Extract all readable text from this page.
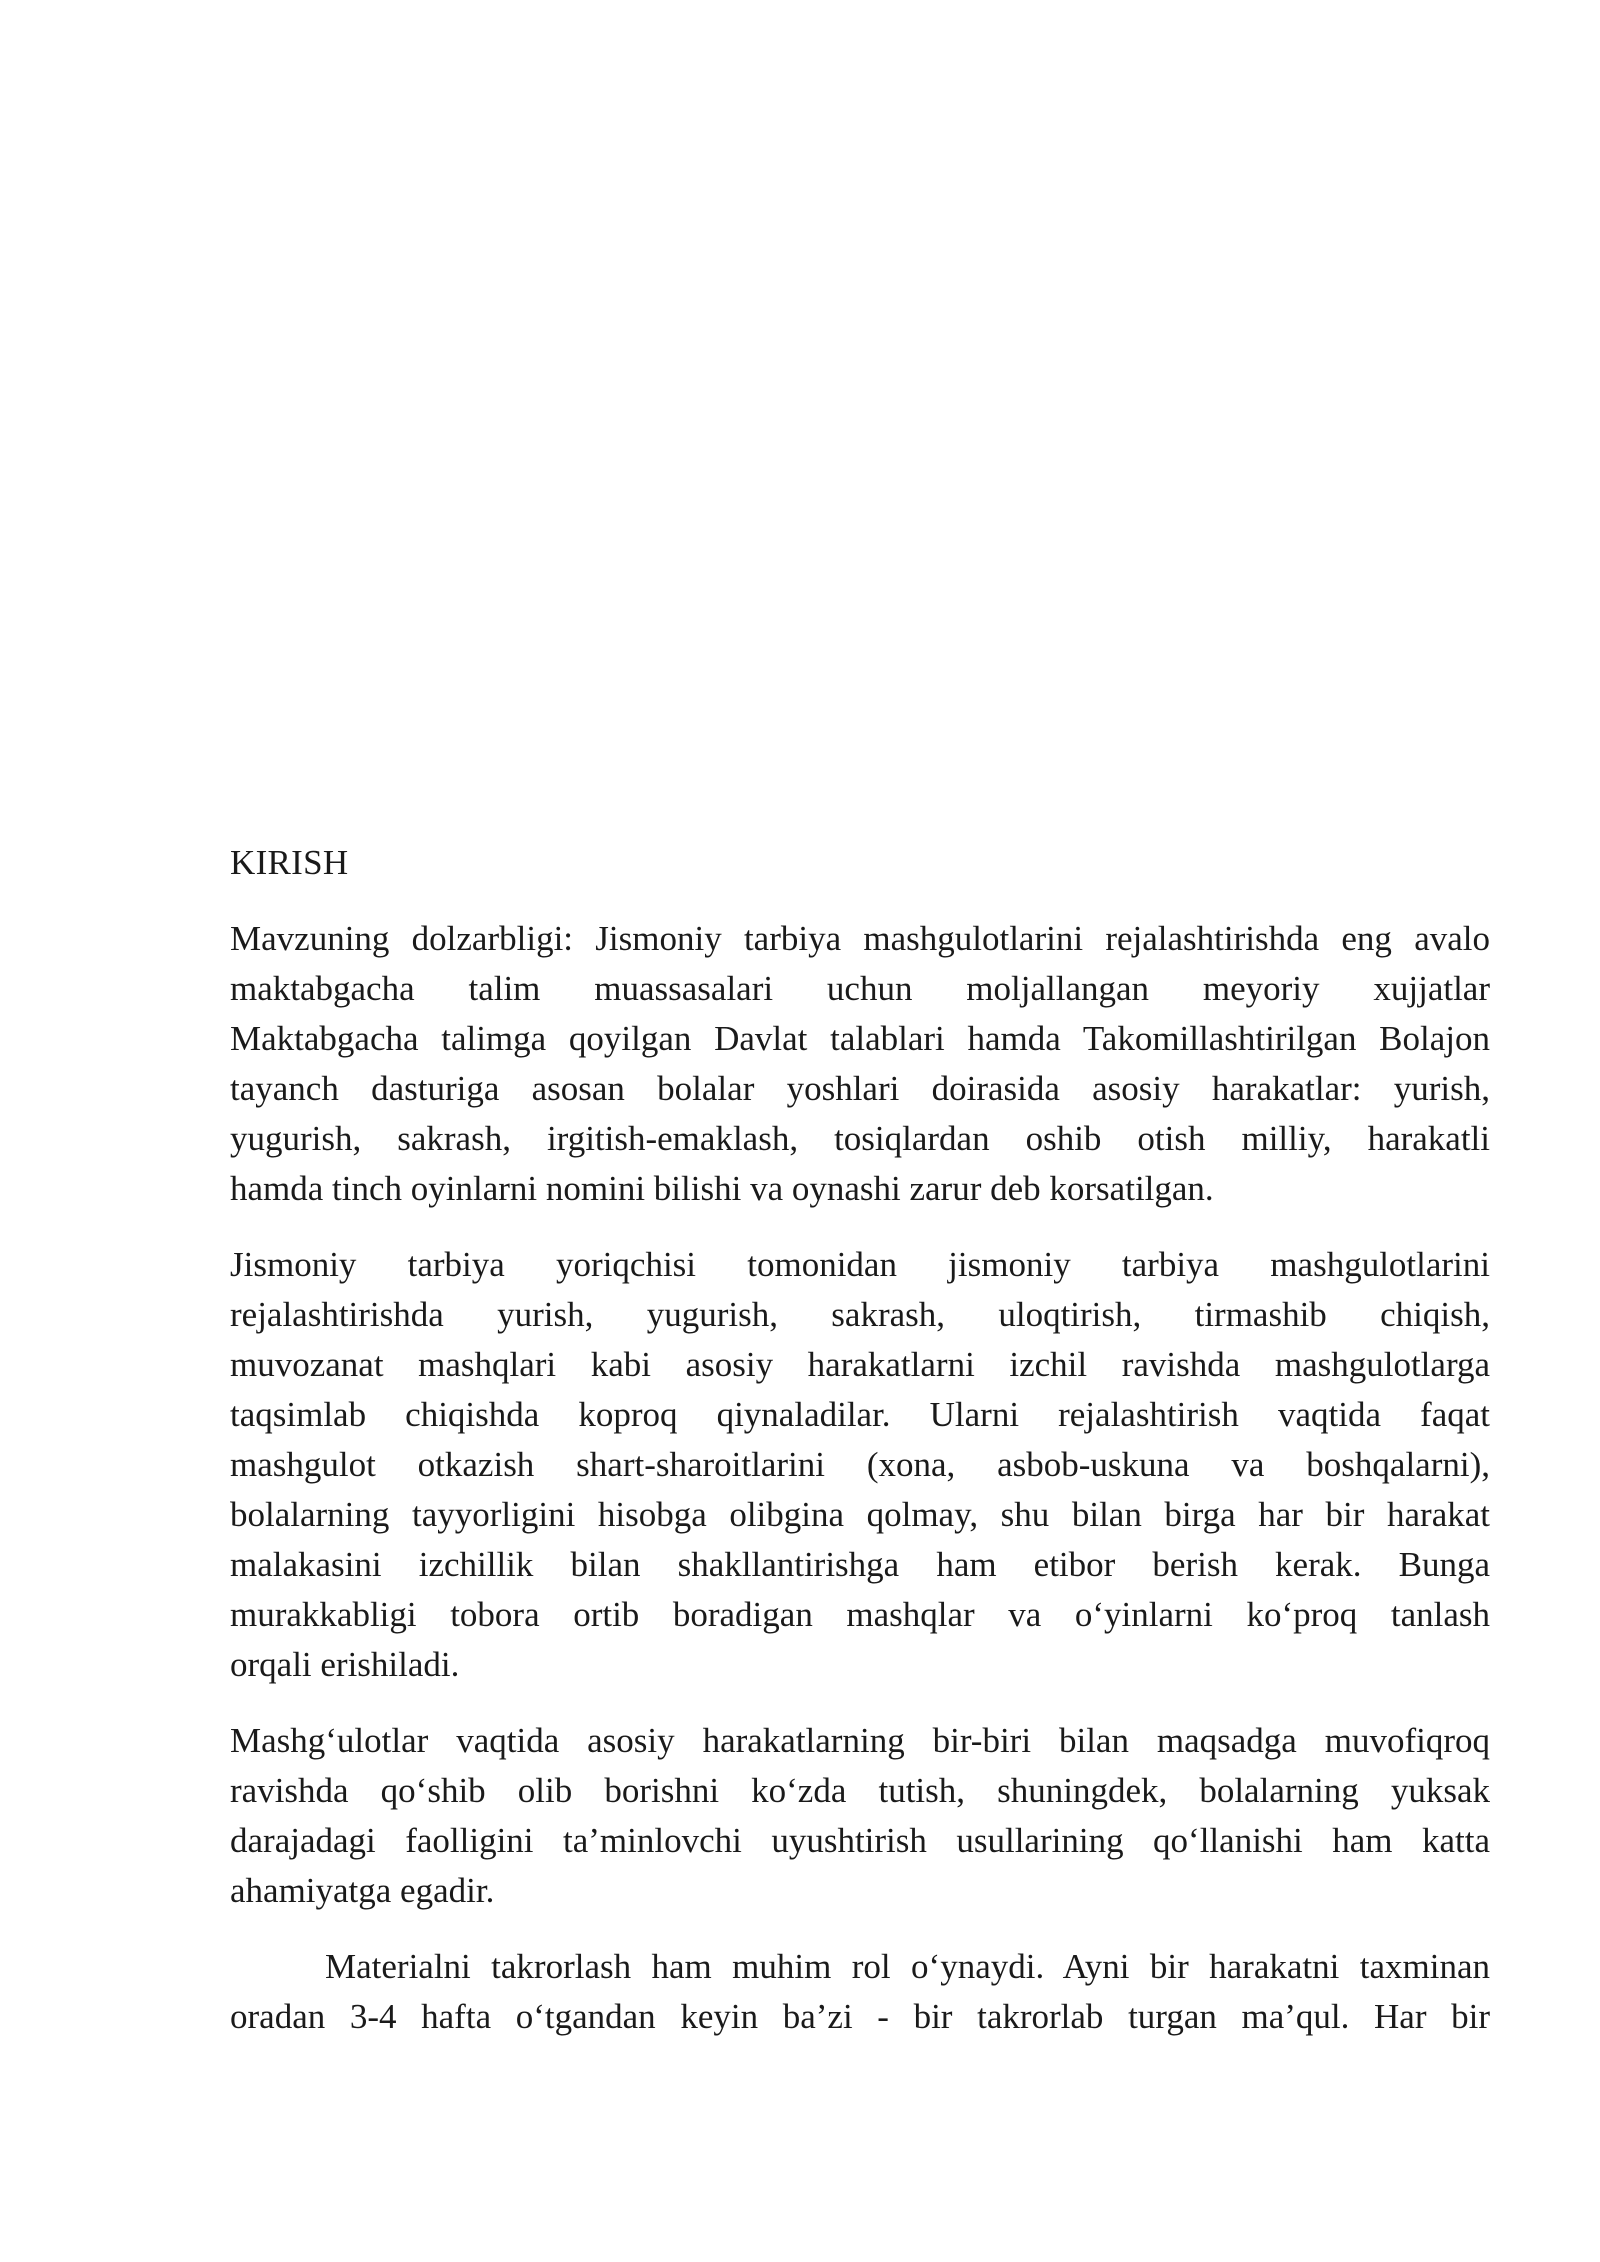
KIRISH
Mavzuning dolzarbligi: Jismoniy tarbiya mashgulotlarini rejalashtirishda eng avalo
maktabgacha talim muassasalari uchun moljallangan meyoriy xujjatlar
Maktabgacha talimga qoyilgan Davlat talablari hamda Takomillashtirilgan Bolajon
tayanch dasturiga asosan bolalar yoshlari doirasida asosiy harakatlar: yurish,
yugurish, sakrash, irgitish-emaklash, tosiqlardan oshib otish milliy, harakatli
hamda tinch oyinlarni nomini bilishi va oynashi zarur deb korsatilgan.
Jismoniy tarbiya yoriqchisi tomonidan jismoniy tarbiya mashgulotlarini
rejalashtirishda yurish, yugurish, sakrash, uloqtirish, tirmashib chiqish,
muvozanat mashqlari kabi asosiy harakatlarni izchil ravishda mashgulotlarga
taqsimlab chiqishda koproq qiynaladilar. Ularni rejalashtirish vaqtida faqat
mashgulot otkazish shart-sharoitlarini (xona, asbob-uskuna va boshqalarni),
bolalarning tayyorligini hisobga olibgina qolmay, shu bilan birga har bir harakat
malakasini izchillik bilan shakllantirishga ham etibor berish kerak. Bunga
murakkabligi tobora ortib boradigan mashqlar va o‘yinlarni ko‘proq tanlash
orqali erishiladi.
Mashg‘ulotlar vaqtida asosiy harakatlarning bir-biri bilan maqsadga muvofiqroq
ravishda qo‘shib olib borishni ko‘zda tutish, shuningdek, bolalarning yuksak
darajadagi faolligini ta’minlovchi uyushtirish usullarining qo‘llanishi ham katta
ahamiyatga egadir.
Materialni takrorlash ham muhim rol o‘ynaydi. Ayni bir harakatni taxminan
oradan 3-4 hafta o‘tgandan keyin ba’zi - bir takrorlab turgan ma’qul. Har bir
